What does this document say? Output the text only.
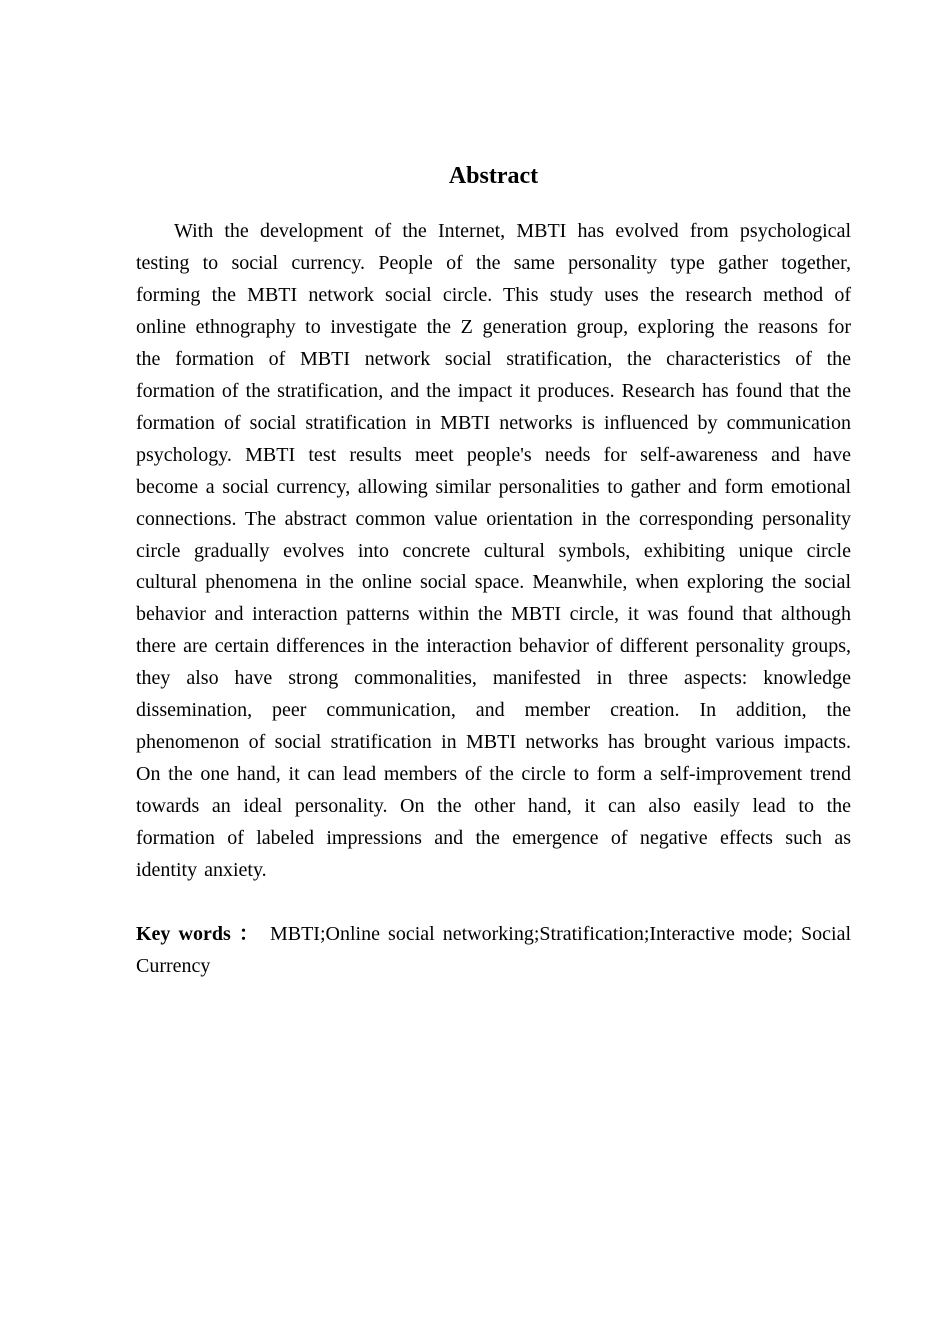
Abstract

With the development of the Internet, MBTI has evolved from psychological testing to social currency. People of the same personality type gather together, forming the MBTI network social circle. This study uses the research method of online ethnography to investigate the Z generation group, exploring the reasons for the formation of MBTI network social stratification, the characteristics of the formation of the stratification, and the impact it produces. Research has found that the formation of social stratification in MBTI networks is influenced by communication psychology. MBTI test results meet people's needs for self-awareness and have become a social currency, allowing similar personalities to gather and form emotional connections. The abstract common value orientation in the corresponding personality circle gradually evolves into concrete cultural symbols, exhibiting unique circle cultural phenomena in the online social space. Meanwhile, when exploring the social behavior and interaction patterns within the MBTI circle, it was found that although there are certain differences in the interaction behavior of different personality groups, they also have strong commonalities, manifested in three aspects: knowledge dissemination, peer communication, and member creation. In addition, the phenomenon of social stratification in MBTI networks has brought various impacts. On the one hand, it can lead members of the circle to form a self-improvement trend towards an ideal personality. On the other hand, it can also easily lead to the formation of labeled impressions and the emergence of negative effects such as identity anxiety.

Key words ： MBTI;Online social networking;Stratification;Interactive mode; Social Currency
